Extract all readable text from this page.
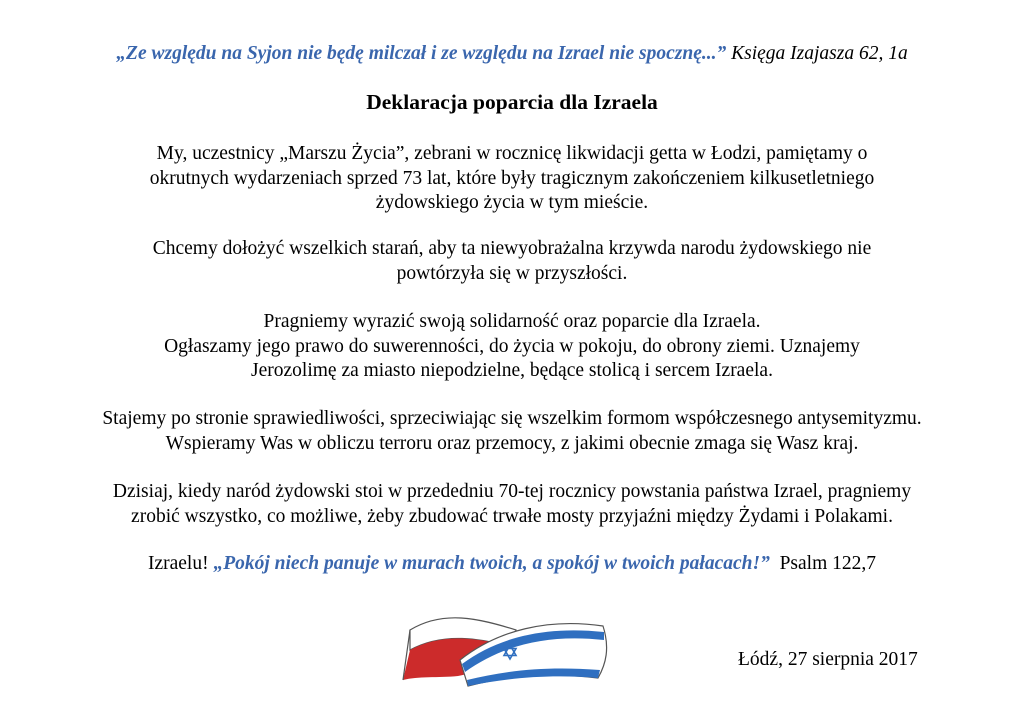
„Ze względu na Syjon nie będę milczał i ze względu na Izrael nie spocznę...” Księga Izajasza 62, 1a
Deklaracja poparcia dla Izraela
My, uczestnicy „Marszu Życia”, zebrani w rocznicę likwidacji getta w Łodzi, pamiętamy o
okrutnych wydarzeniach sprzed 73 lat, które były tragicznym zakończeniem kilkusetletniego
żydowskiego życia w tym mieście.
Chcemy dołożyć wszelkich starań, aby ta niewyobrażalna krzywda narodu żydowskiego nie
powtórzyła się w przyszłości.
Pragniemy wyrazić swoją solidarność oraz poparcie dla Izraela.
Ogłaszamy jego prawo do suwerenności, do życia w pokoju, do obrony ziemi. Uznajemy
Jerozolimę za miasto niepodzielne, będące stolicą i sercem Izraela.
Stajemy po stronie sprawiedliwości, sprzeciwiając się wszelkim formom współczesnego antysemityzmu.
Wspieramy Was w obliczu terroru oraz przemocy, z jakimi obecnie zmaga się Wasz kraj.
Dzisiaj, kiedy naród żydowski stoi w przededniu 70-tej rocznicy powstania państwa Izrael, pragniemy
zrobić wszystko, co możliwe, żeby zbudować trwałe mosty przyjaźni między Żydami i Polakami.
Izraelu! „Pokój niech panuje w murach twoich, a spokój w twoich pałacach!” Psalm 122,7
Łódź, 27 sierpnia 2017
